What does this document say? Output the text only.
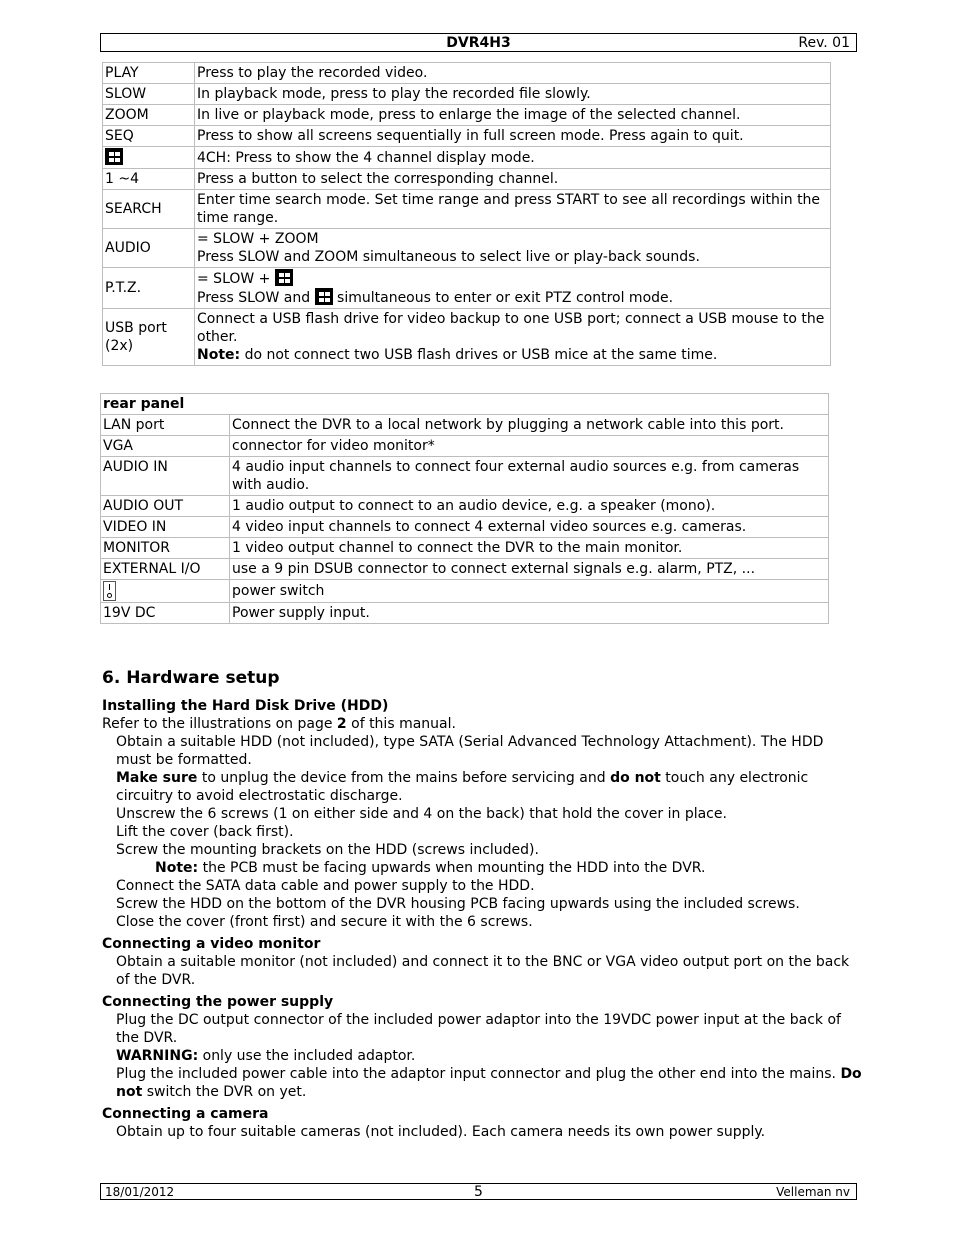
DVR4H3	Rev. 01
PLAY	Press to play the recorded video.

SLOW	In playback mode, press to play the recorded file slowly.

ZOOM	In live or playback mode, press to enlarge the image of the selected channel.

SEQ	Press to show all screens sequentially in full screen mode. Press again to quit.

	4CH: Press to show the 4 channel display mode.

1 ~4	Press a button to select the corresponding channel.

SEARCH	Enter time search mode. Set time range and press START to see all recordings within the time range.

AUDIO	= SLOW + ZOOM
Press SLOW and ZOOM simultaneous to select live or play-back sounds.

P.T.Z.	= SLOW +
Press SLOW and simultaneous to enter or exit PTZ control mode.

USB port (2x)	Connect a USB flash drive for video backup to one USB port; connect a USB mouse to the other.
Note: do not connect two USB flash drives or USB mice at the same time.
rear panel	
LAN port	Connect the DVR to a local network by plugging a network cable into this port.
VGA	connector for video monitor*
AUDIO IN	4 audio input channels to connect four external audio sources e.g. from cameras with audio.
AUDIO OUT	1 audio output to connect to an audio device, e.g. a speaker (mono).
VIDEO IN	4 video input channels to connect 4 external video sources e.g. cameras.
MONITOR	1 video output channel to connect the DVR to the main monitor.
EXTERNAL I/O	use a 9 pin DSUB connector to connect external signals e.g. alarm, PTZ, ...
	power switch
19V DC	Power supply input.
6. Hardware setup

Installing the Hard Disk Drive (HDD)

Refer to the illustrations on page 2 of this manual.

Obtain a suitable HDD (not included), type SATA (Serial Advanced Technology Attachment). The HDD must be formatted.

Make sure to unplug the device from the mains before servicing and do not touch any electronic circuitry to avoid electrostatic discharge.

Unscrew the 6 screws (1 on either side and 4 on the back) that hold the cover in place.

Lift the cover (back first).

Screw the mounting brackets on the HDD (screws included).

Note: the PCB must be facing upwards when mounting the HDD into the DVR.

Connect the SATA data cable and power supply to the HDD.

Screw the HDD on the bottom of the DVR housing PCB facing upwards using the included screws.

Close the cover (front first) and secure it with the 6 screws.

Connecting a video monitor

Obtain a suitable monitor (not included) and connect it to the BNC or VGA video output port on the back of the DVR.

Connecting the power supply

Plug the DC output connector of the included power adaptor into the 19VDC power input at the back of the DVR.

WARNING: only use the included adaptor.

Plug the included power cable into the adaptor input connector and plug the other end into the mains. Do not switch the DVR on yet.

Connecting a camera

Obtain up to four suitable cameras (not included). Each camera needs its own power supply.

18/01/2012	5	Velleman nv
